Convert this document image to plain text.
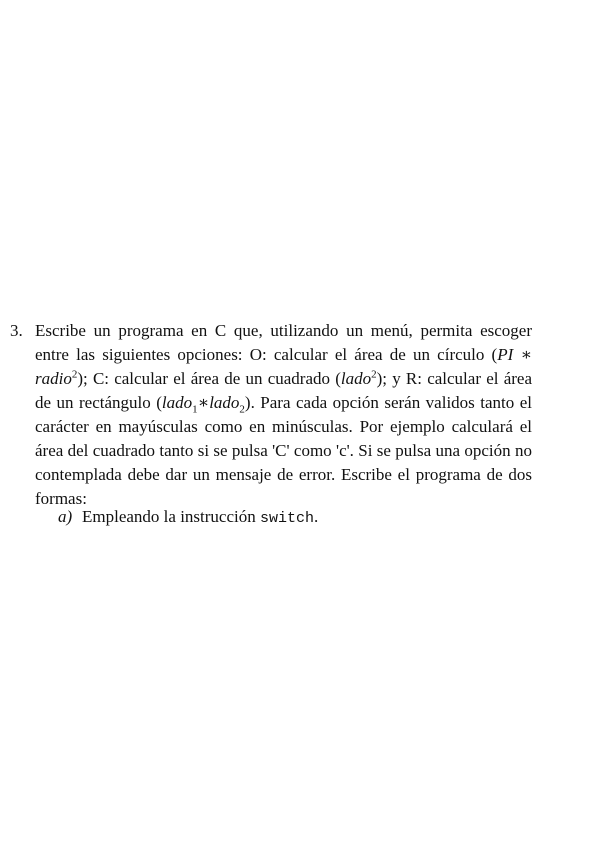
3. Escribe un programa en C que, utilizando un menú, permita escoger entre las siguientes opciones: O: calcular el área de un círculo (PI ∗ radio$^2$); C: calcular el área de un cuadrado (lado$^2$); y R: calcular el área de un rectángulo (lado$_1$∗lado$_2$). Para cada opción serán validos tanto el carácter en mayúsculas como en minúsculas. Por ejemplo calculará el área del cuadrado tanto si se pulsa 'C' como 'c'. Si se pulsa una opción no contemplada debe dar un mensaje de error. Escribe el programa de dos formas:
a) Empleando la instrucción switch.
